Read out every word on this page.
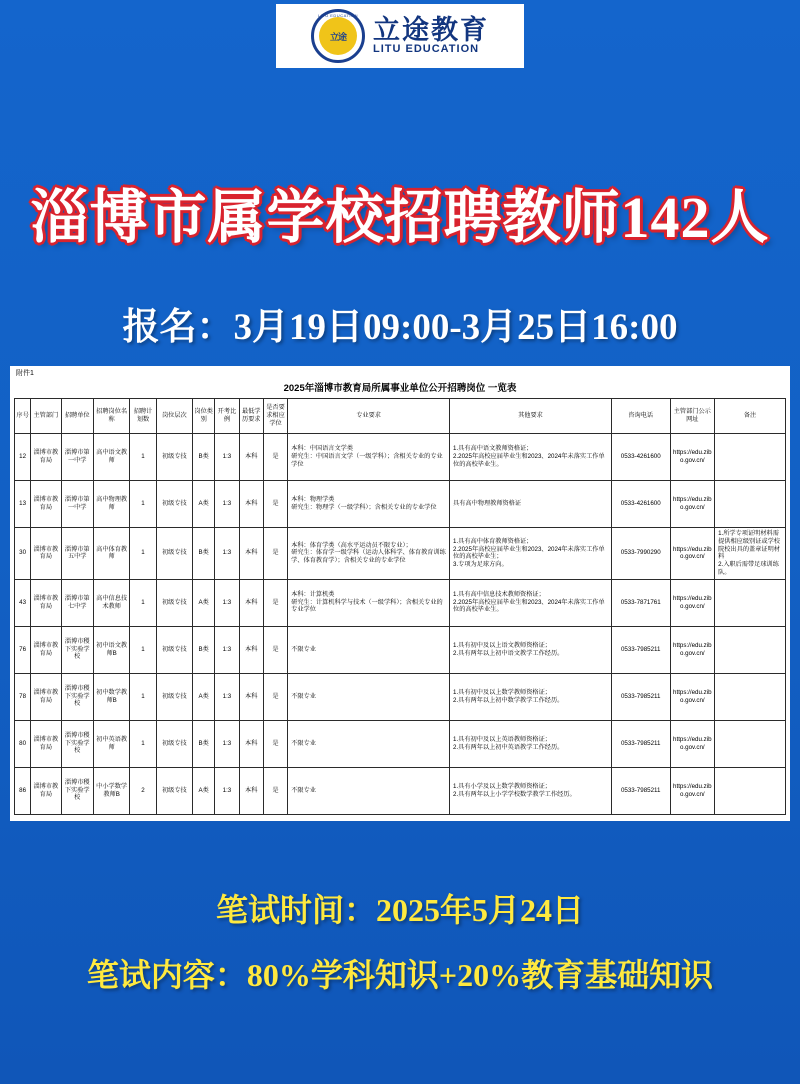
LITU EDUCATION
立途	立途教育
LITU EDUCATION
淄博市属学校招聘教师142人
报名：3月19日09:00-3月25日16:00
附件1
2025年淄博市教育局所属事业单位公开招聘岗位 一览表
序号	主管部门	招聘单位	招聘岗位名称	招聘计划数	岗位层次	岗位类别	开考比例	最低学历要求	是否要求相应学位	专业要求	其他要求	咨询电话	主管部门公示网址	备注
12	淄博市教育局	淄博市第一中学	高中语文教师	1	初级专技	B类	1:3	本科	是	本科：中国语言文学类
研究生：中国语言文学（一级学科）；含相关专业的专业学位	1.具有高中语文教师资格证；
2.2025年高校应届毕业生和2023、2024年未落实工作单位的高校毕业生。	0533-4261600	https://edu.zibo.gov.cn/	
13	淄博市教育局	淄博市第一中学	高中物理教师	1	初级专技	A类	1:3	本科	是	本科：物理学类
研究生：物理学（一级学科）；含相关专业的专业学位	具有高中物理教师资格证	0533-4261600	https://edu.zibo.gov.cn/	
30	淄博市教育局	淄博市第五中学	高中体育教师	1	初级专技	B类	1:3	本科	是	本科：体育学类（高水平运动员不限专业）；
研究生：体育学一级学科（运动人体科学、体育教育训练学、体育教育学）；含相关专业的专业学位	1.具有高中体育教师资格证；
2.2025年高校应届毕业生和2023、2024年未落实工作单位的高校毕业生；
3.专项为足球方向。	0533-7990290	https://edu.zibo.gov.cn/	1.所学专项证明材料需提供相应级别证或学校院校出具的盖章证明材料
2.入职后需带足球训练队。
43	淄博市教育局	淄博市第七中学	高中信息技术教师	1	初级专技	A类	1:3	本科	是	本科：计算机类
研究生：计算机科学与技术（一级学科）；含相关专业的专业学位	1.具有高中信息技术教师资格证；
2.2025年高校应届毕业生和2023、2024年未落实工作单位的高校毕业生。	0533-7871761	https://edu.zibo.gov.cn/	
76	淄博市教育局	淄博市稷下实验学校	初中语文教师B	1	初级专技	B类	1:3	本科	是	不限专业	1.具有初中及以上语文教师资格证；
2.具有两年以上初中语文教学工作经历。	0533-7985211	https://edu.zibo.gov.cn/	
78	淄博市教育局	淄博市稷下实验学校	初中数学教师B	1	初级专技	A类	1:3	本科	是	不限专业	1.具有初中及以上数学教师资格证；
2.具有两年以上初中数学教学工作经历。	0533-7985211	https://edu.zibo.gov.cn/	
80	淄博市教育局	淄博市稷下实验学校	初中英语教师	1	初级专技	B类	1:3	本科	是	不限专业	1.具有初中及以上英语教师资格证；
2.具有两年以上初中英语教学工作经历。	0533-7985211	https://edu.zibo.gov.cn/	
86	淄博市教育局	淄博市稷下实验学校	中小学数学教师B	2	初级专技	A类	1:3	本科	是	不限专业	1.具有小学及以上数学教师资格证；
2.具有两年以上小学学校数学教学工作经历。	0533-7985211	https://edu.zibo.gov.cn/	
笔试时间：2025年5月24日
笔试内容：80%学科知识+20%教育基础知识
